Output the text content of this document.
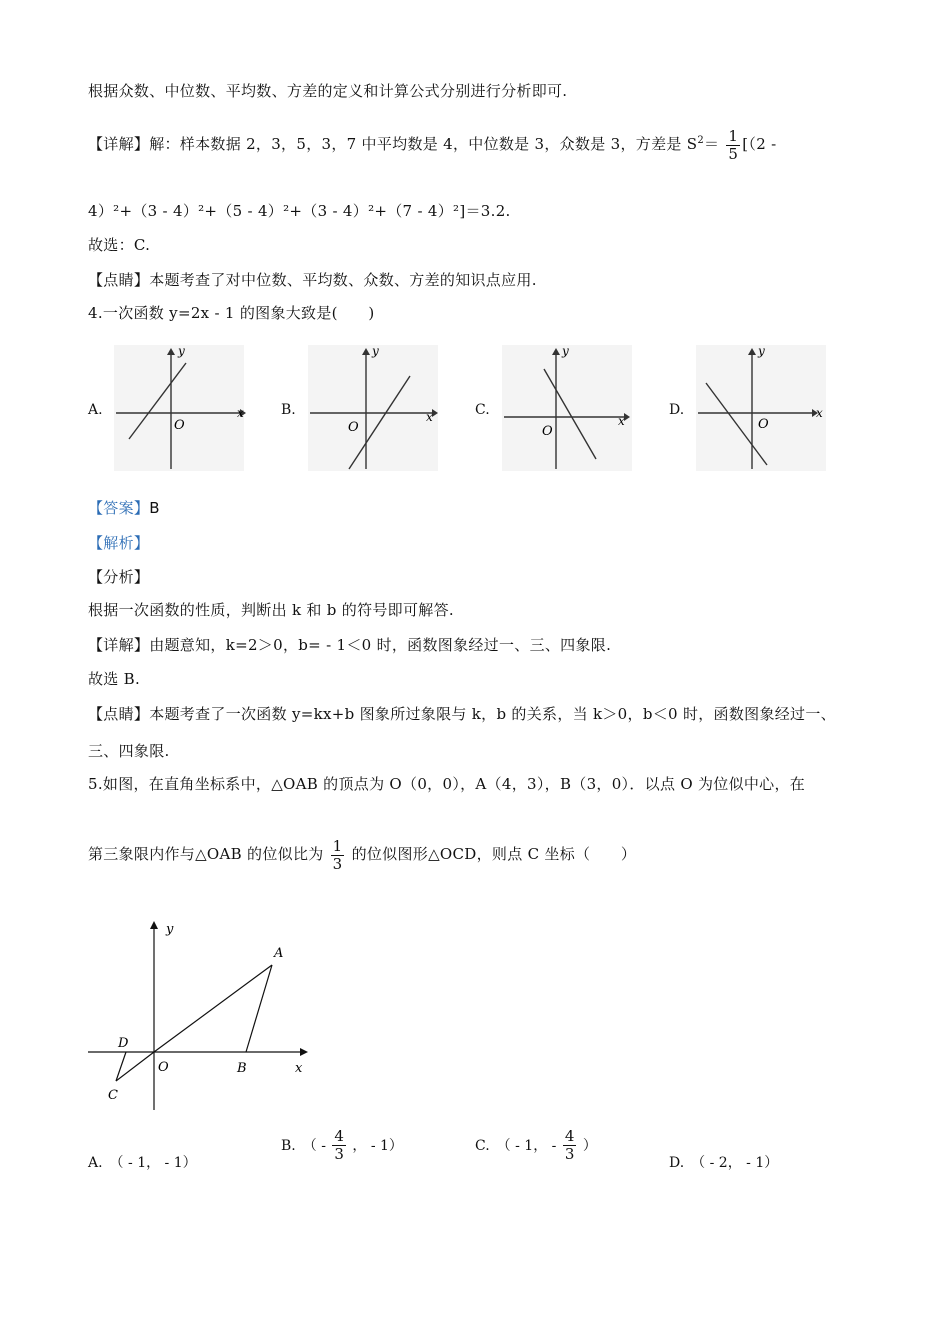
根据众数、中位数、平均数、方差的定义和计算公式分别进行分析即可.
【详解】解：样本数据 2，3，5，3，7 中平均数是 4，中位数是 3，众数是 3，方差是 $S^2= \frac{1}{5} [(2$ -
4）²+（3 - 4）²+（5 - 4）²+（3 - 4）²+（7 - 4）²]＝3.2.
故选：C.
【点睛】本题考查了对中位数、平均数、众数、方差的知识点应用.
4.一次函数 y=2x - 1 的图象大致是(　　)
A.
y
x
O
B.
y
x
O
C.
y
x
O
D.
y
x
O
【答案】B
【解析】
【分析】
根据一次函数的性质，判断出 k 和 b 的符号即可解答.
【详解】由题意知，k=2＞0，b= - 1＜0 时，函数图象经过一、三、四象限.
故选 B.
【点睛】本题考查了一次函数 y=kx+b 图象所过象限与 k，b 的关系，当 k＞0，b＜0 时，函数图象经过一、
三、四象限.
5.如图，在直角坐标系中，△OAB 的顶点为 O（0，0），A（4，3），B（3，0）．以点 O 为位似中心，在
第三象限内作与△OAB 的位似比为 $\frac{1}{3}$ 的位似图形△OCD，则点 C 坐标（　　）
y
A
D
O	B	x
C
A.　（ - 1， - 1）
B.　（ - $\frac{4}{3}$ ， - 1）	C.　（ - 1， - $\frac{4}{3}$ ）
D.　（ - 2， - 1）
